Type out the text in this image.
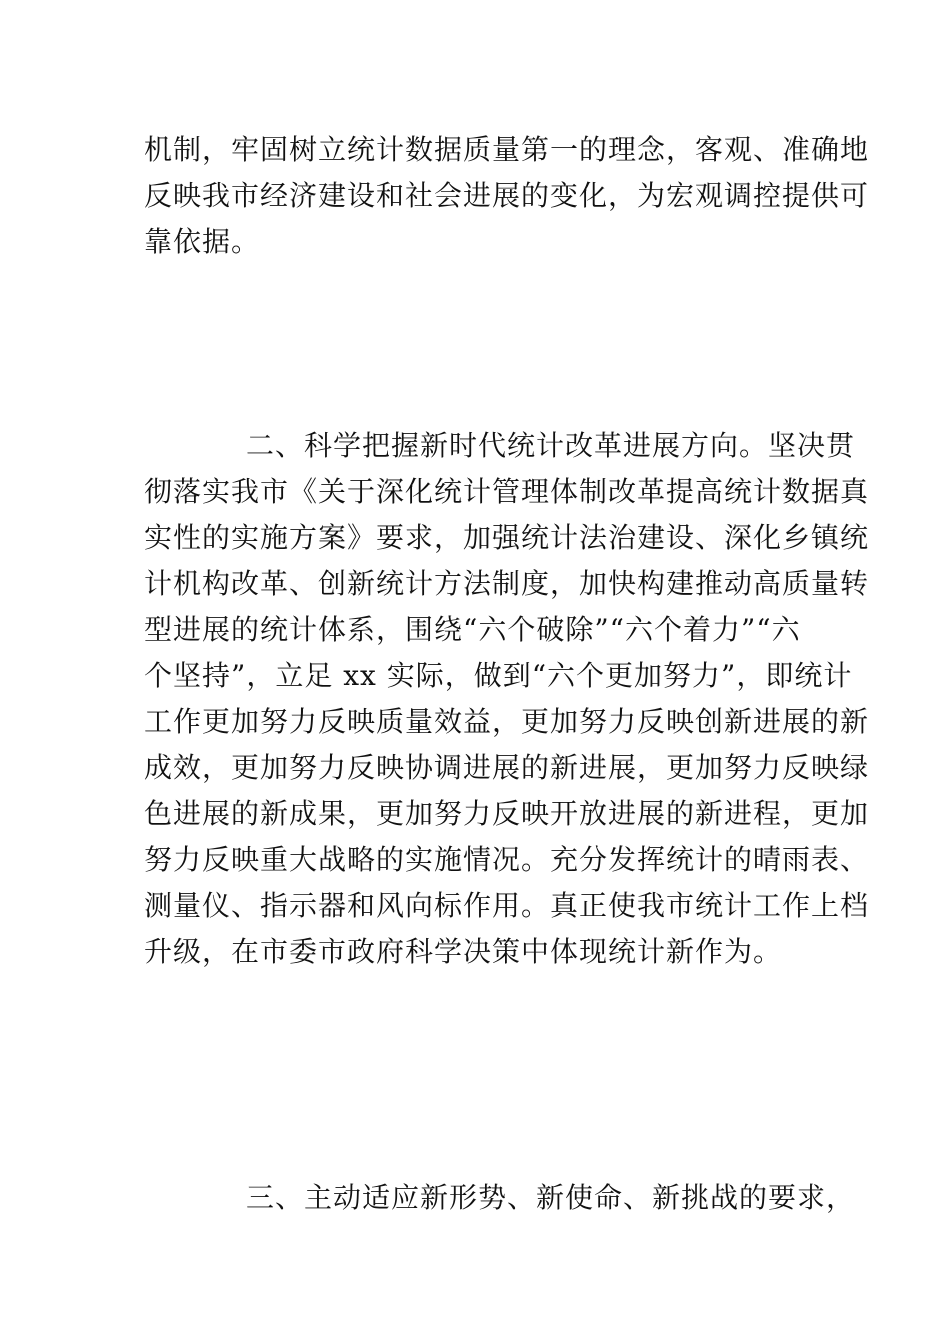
机制，牢固树立统计数据质量第一的理念，客观、准确地
反映我市经济建设和社会进展的变化，为宏观调控提供可
靠依据。
二、科学把握新时代统计改革进展方向。坚决贯
彻落实我市《关于深化统计管理体制改革提高统计数据真
实性的实施方案》要求，加强统计法治建设、深化乡镇统
计机构改革、创新统计方法制度，加快构建推动高质量转
型进展的统计体系，围绕“六个破除”“六个着力”“六
个坚持”，立足 xx 实际，做到“六个更加努力”，即统计
工作更加努力反映质量效益，更加努力反映创新进展的新
成效，更加努力反映协调进展的新进展，更加努力反映绿
色进展的新成果，更加努力反映开放进展的新进程，更加
努力反映重大战略的实施情况。充分发挥统计的晴雨表、
测量仪、指示器和风向标作用。真正使我市统计工作上档
升级，在市委市政府科学决策中体现统计新作为。
三、主动适应新形势、新使命、新挑战的要求，
